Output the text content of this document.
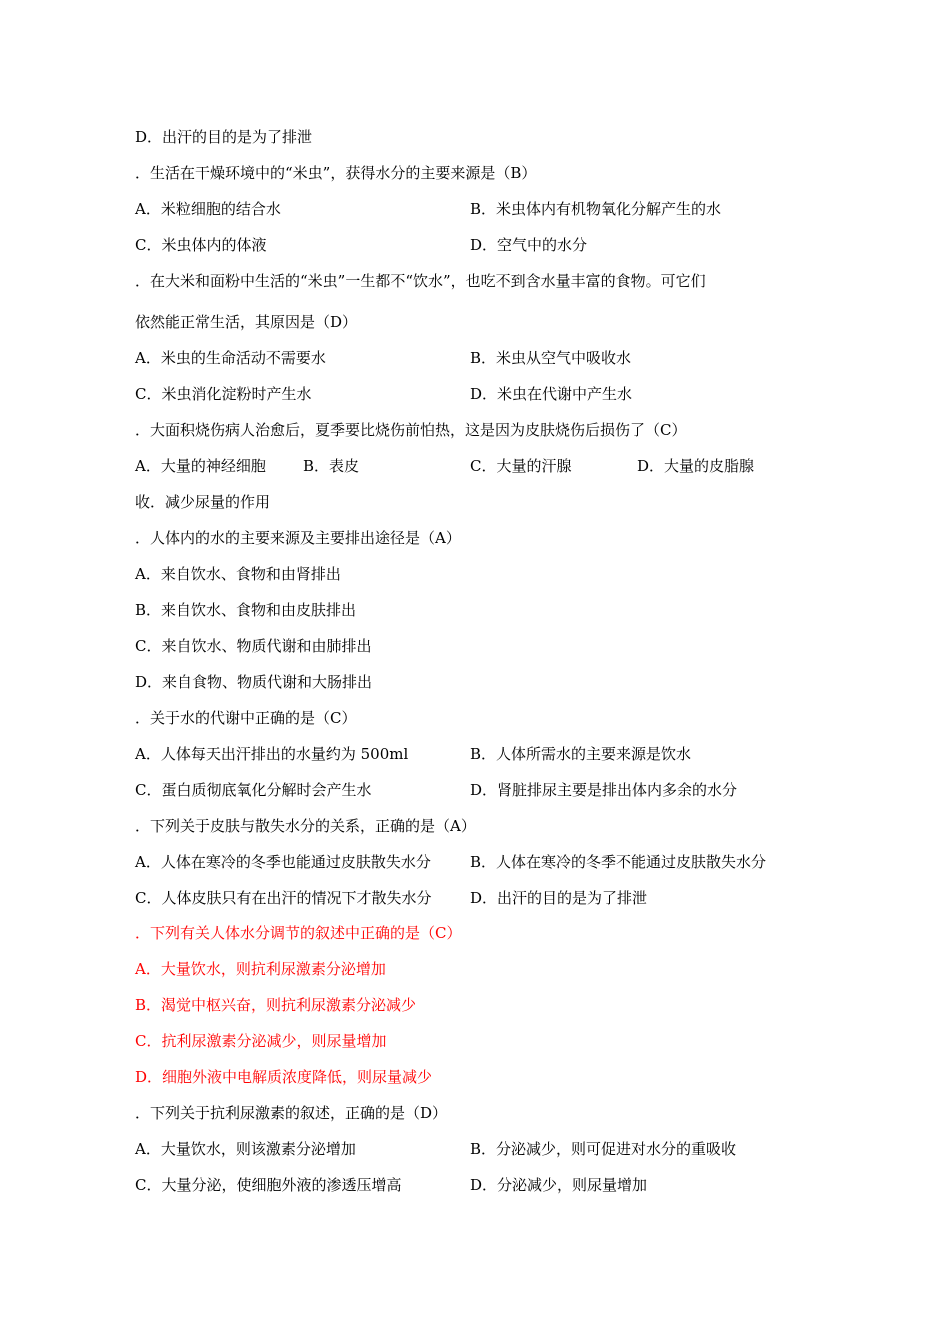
D．出汗的目的是为了排泄
．生活在干燥环境中的“米虫”，获得水分的主要来源是（B）
A．米粒细胞的结合水	B．米虫体内有机物氧化分解产生的水
C．米虫体内的体液	D．空气中的水分
．在大米和面粉中生活的“米虫”一生都不“饮水”，也吃不到含水量丰富的食物。可它们
依然能正常生活，其原因是（D）
A．米虫的生命活动不需要水	B．米虫从空气中吸收水
C．米虫消化淀粉时产生水	D．米虫在代谢中产生水
．大面积烧伤病人治愈后，夏季要比烧伤前怕热，这是因为皮肤烧伤后损伤了（C）
A．大量的神经细胞 B．表皮	C．大量的汗腺	D．大量的皮脂腺
收．减少尿量的作用
．人体内的水的主要来源及主要排出途径是（A）
A．来自饮水、食物和由肾排出
B．来自饮水、食物和由皮肤排出
C．来自饮水、物质代谢和由肺排出
D．来自食物、物质代谢和大肠排出
．关于水的代谢中正确的是（C）
A．人体每天出汗排出的水量约为 500ml	B．人体所需水的主要来源是饮水
C．蛋白质彻底氧化分解时会产生水	D．肾脏排尿主要是排出体内多余的水分
．下列关于皮肤与散失水分的关系，正确的是（A）
A．人体在寒冷的冬季也能通过皮肤散失水分	B．人体在寒冷的冬季不能通过皮肤散失水分
C．人体皮肤只有在出汗的情况下才散失水分	D．出汗的目的是为了排泄
．下列有关人体水分调节的叙述中正确的是（C）
A．大量饮水，则抗利尿激素分泌增加
B．渴觉中枢兴奋，则抗利尿激素分泌减少
C．抗利尿激素分泌减少，则尿量增加
D．细胞外液中电解质浓度降低，则尿量减少
．下列关于抗利尿激素的叙述，正确的是（D）
A．大量饮水，则该激素分泌增加	B．分泌减少，则可促进对水分的重吸收
C．大量分泌，使细胞外液的渗透压增高	D．分泌减少，则尿量增加
